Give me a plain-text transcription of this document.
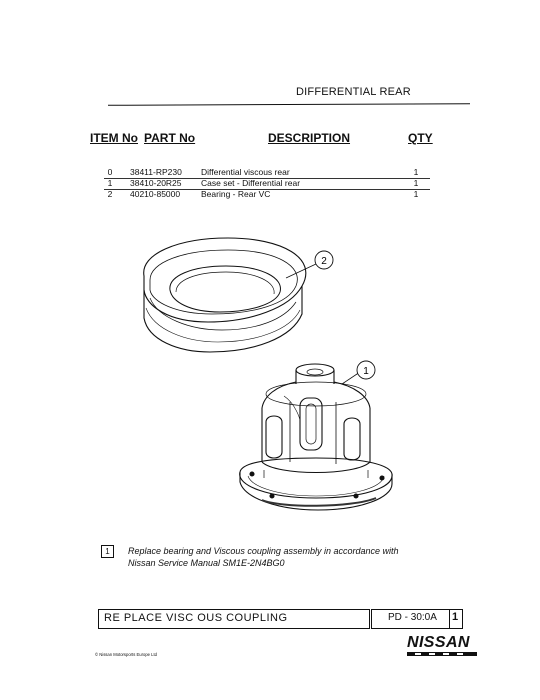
DIFFERENTIAL REAR
ITEM No PART No	DESCRIPTION	QTY
0	38411-RP230 Differential viscous rear	1
1	38410-20R25 Case set - Differential rear	1
2	40210-85000 Bearing - Rear VC	1
2
1
1	Replace bearing and Viscous coupling assembly in accordance with
Nissan Service Manual SM1E-2N4BG0
RE PLACE VISC OUS COUPLING	PD - 30:0A 1
NISSAN
© Nissan Motorsports Europe Ltd
